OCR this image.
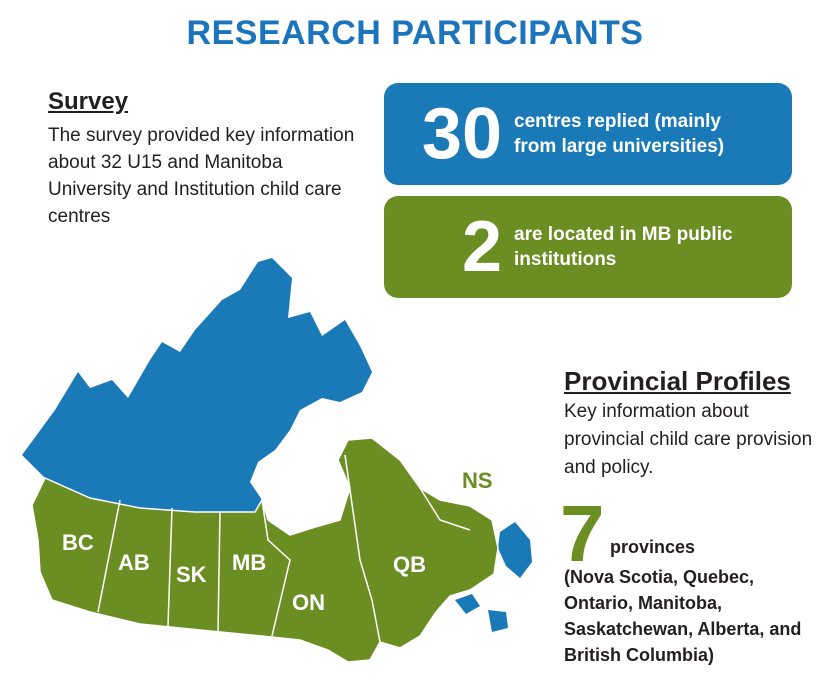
RESEARCH PARTICIPANTS
Survey
The survey provided key information about 32 U15 and Manitoba University and Institution child care centres
30 centres replied (mainly from large universities)
2 are located in MB public institutions
Provincial Profiles
Key information about provincial child care provision and policy.
7 provinces
(Nova Scotia, Quebec, Ontario, Manitoba, Saskatchewan, Alberta, and British Columbia)
BC
AB SK MB
ON
QB
NS
